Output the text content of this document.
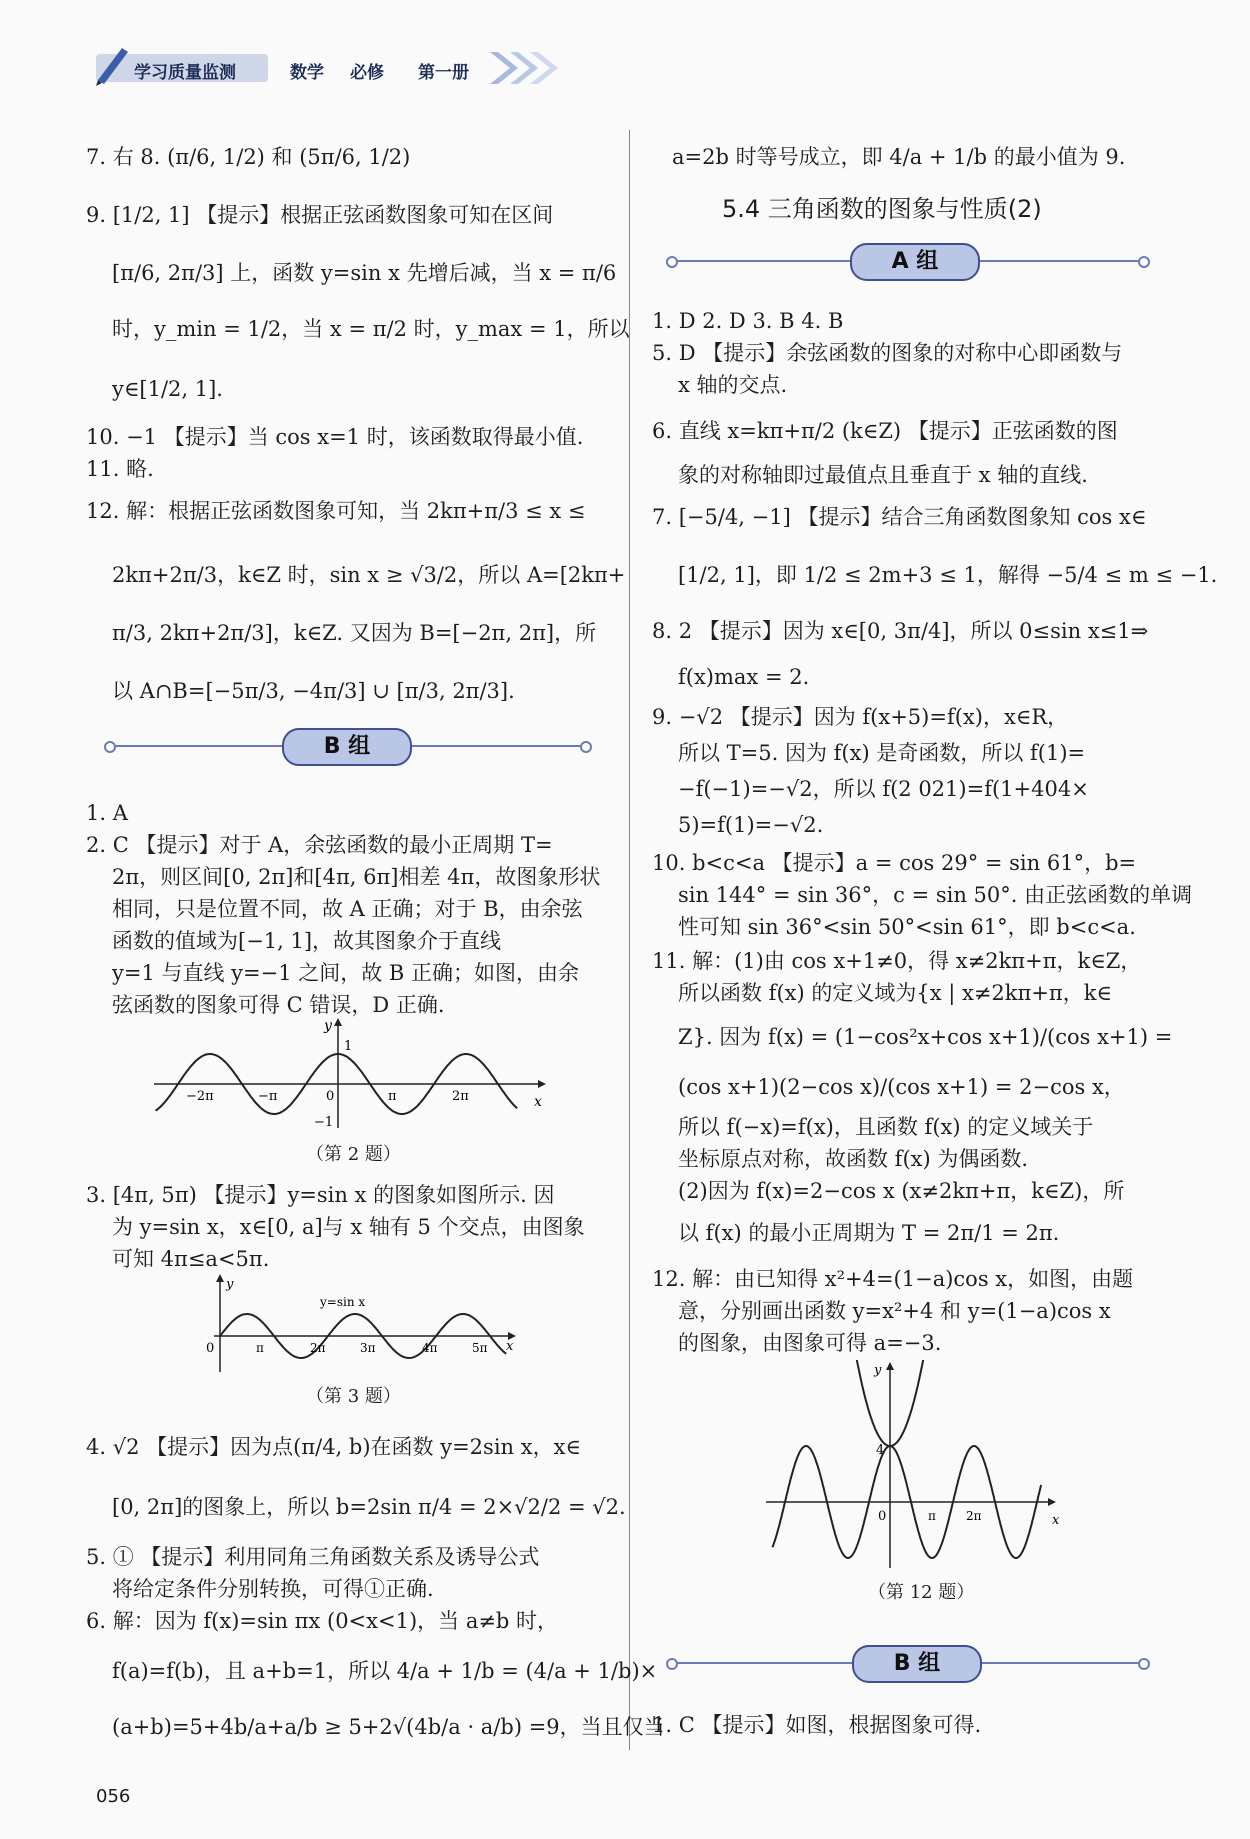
学习质量监测	数学 必修 第一册
7. 右 8. (π/6, 1/2) 和 (5π/6, 1/2)
9. [1/2, 1] 【提示】根据正弦函数图象可知在区间
[π/6, 2π/3] 上，函数 y=sin x 先增后减，当 x = π/6
时，y_min = 1/2，当 x = π/2 时，y_max = 1，所以
y∈[1/2, 1].
10. −1 【提示】当 cos x=1 时，该函数取得最小值.
11. 略.
12. 解：根据正弦函数图象可知，当 2kπ+π/3 ≤ x ≤
2kπ+2π/3，k∈Z 时，sin x ≥ √3/2，所以 A=[2kπ+
π/3, 2kπ+2π/3]，k∈Z. 又因为 B=[−2π, 2π]，所
以 A∩B=[−5π/3, −4π/3] ∪ [π/3, 2π/3].
B 组
1. A
2. C 【提示】对于 A，余弦函数的最小正周期 T=
2π，则区间[0, 2π]和[4π, 6π]相差 4π，故图象形状
相同，只是位置不同，故 A 正确；对于 B，由余弦
函数的值域为[−1, 1]，故其图象介于直线
y=1 与直线 y=−1 之间，故 B 正确；如图，由余
弦函数的图象可得 C 错误，D 正确.
y
x
1
−1
0
−2π	−π	π	2π
（第 2 题）
3. [4π, 5π) 【提示】y=sin x 的图象如图所示. 因
为 y=sin x，x∈[0, a]与 x 轴有 5 个交点，由图象
可知 4π≤a<5π.
y
x
0
y=sin x
π	2π	3π	4π	5π
（第 3 题）
4. √2 【提示】因为点(π/4, b)在函数 y=2sin x，x∈
[0, 2π]的图象上，所以 b=2sin π/4 = 2×√2/2 = √2.
5. ① 【提示】利用同角三角函数关系及诱导公式
将给定条件分别转换，可得①正确.
6. 解：因为 f(x)=sin πx (0<x<1)，当 a≠b 时，
f(a)=f(b)，且 a+b=1，所以 4/a + 1/b = (4/a + 1/b)×
(a+b)=5+4b/a+a/b ≥ 5+2√(4b/a · a/b) =9，当且仅当
a=2b 时等号成立，即 4/a + 1/b 的最小值为 9.
5.4 三角函数的图象与性质(2)
A 组
1. D 2. D 3. B 4. B
5. D 【提示】余弦函数的图象的对称中心即函数与
x 轴的交点.
6. 直线 x=kπ+π/2 (k∈Z) 【提示】正弦函数的图
象的对称轴即过最值点且垂直于 x 轴的直线.
7. [−5/4, −1] 【提示】结合三角函数图象知 cos x∈
[1/2, 1]，即 1/2 ≤ 2m+3 ≤ 1，解得 −5/4 ≤ m ≤ −1.
8. 2 【提示】因为 x∈[0, 3π/4]，所以 0≤sin x≤1⇒
f(x)max = 2.
9. −√2 【提示】因为 f(x+5)=f(x)，x∈R，
所以 T=5. 因为 f(x) 是奇函数，所以 f(1)=
−f(−1)=−√2，所以 f(2 021)=f(1+404×
5)=f(1)=−√2.
10. b<c<a 【提示】a = cos 29° = sin 61°，b=
sin 144° = sin 36°，c = sin 50°. 由正弦函数的单调
性可知 sin 36°<sin 50°<sin 61°，即 b<c<a.
11. 解：(1)由 cos x+1≠0，得 x≠2kπ+π，k∈Z，
所以函数 f(x) 的定义域为{x | x≠2kπ+π，k∈
Z}. 因为 f(x) = (1−cos²x+cos x+1)/(cos x+1) =
(cos x+1)(2−cos x)/(cos x+1) = 2−cos x，
所以 f(−x)=f(x)，且函数 f(x) 的定义域关于
坐标原点对称，故函数 f(x) 为偶函数.
(2)因为 f(x)=2−cos x (x≠2kπ+π，k∈Z)，所
以 f(x) 的最小正周期为 T = 2π/1 = 2π.
12. 解：由已知得 x²+4=(1−a)cos x，如图，由题
意，分别画出函数 y=x²+4 和 y=(1−a)cos x
的图象，由图象可得 a=−3.
y
x
0
4
π	2π
（第 12 题）
B 组
1. C 【提示】如图，根据图象可得.
056
